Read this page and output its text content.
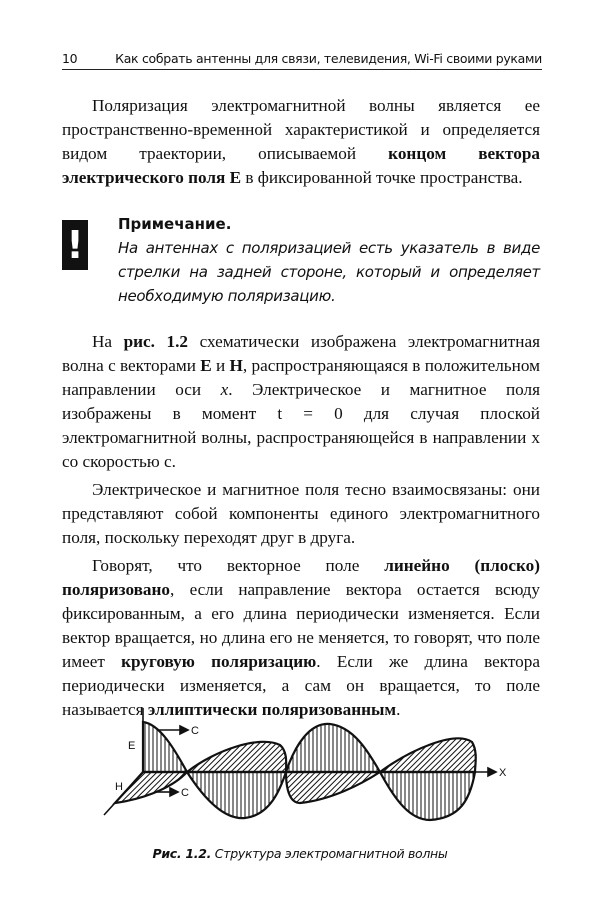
10	Как собрать антенны для связи, телевидения, Wi-Fi своими руками
Поляризация электромагнитной волны является ее пространственно-временной характеристикой и определяется видом траектории, описываемой концом вектора электрического поля E в фиксированной точке пространства.
! Примечание.
На антеннах с поляризацией есть указатель в виде стрелки на задней стороне, который и определяет необходимую поляризацию.
На рис. 1.2 схематически изображена электромагнитная волна с векторами E и H, распространяющаяся в положительном направлении оси x. Электрическое и магнитное поля изображены в момент t = 0 для случая плоской электромагнитной волны, распространяющейся в направлении x со скоростью c.
Электрическое и магнитное поля тесно взаимосвязаны: они представляют собой компоненты единого электромагнитного поля, поскольку переходят друг в друга.
Говорят, что векторное поле линейно (плоско) поляризовано, если направление вектора остается всюду фиксированным, а его длина периодически изменяется. Если вектор вращается, но длина его не меняется, то говорят, что поле имеет круговую поляризацию. Если же длина вектора периодически изменяется, а сам он вращается, то поле называется эллиптически поляризованным.
E
H
C
C
X
Рис. 1.2. Структура электромагнитной волны
